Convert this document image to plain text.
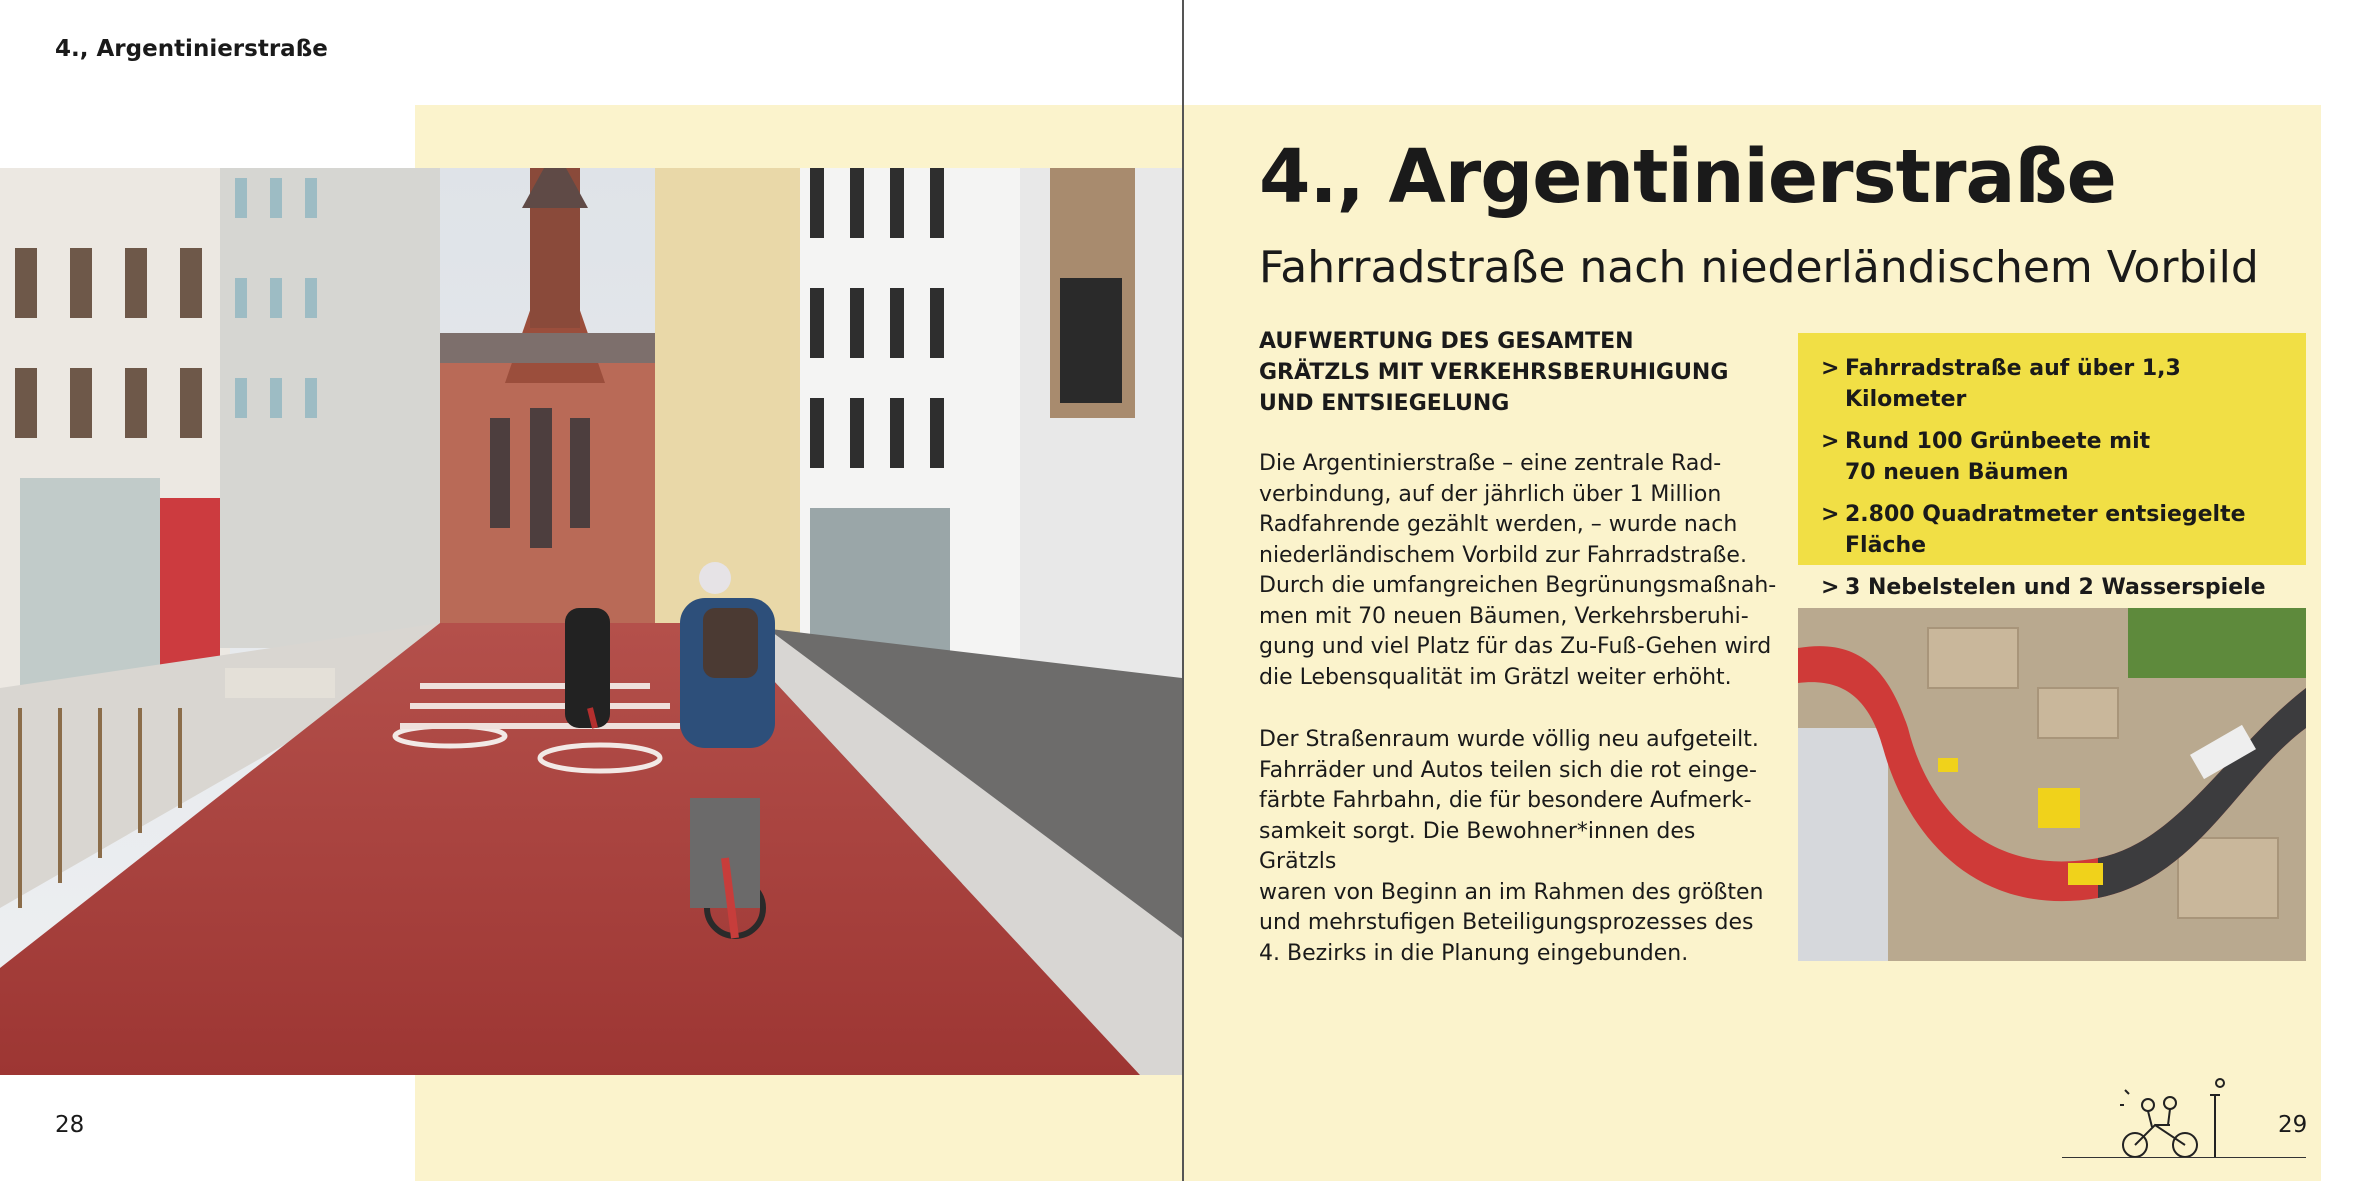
4., Argentinierstraße
28
4., Argentinierstraße
Fahrradstraße nach niederländischem Vorbild
AUFWERTUNG DES GESAMTEN
GRÄTZLS MIT VERKEHRSBERUHIGUNG
UND ENTSIEGELUNG
Die Argentinierstraße – eine zentrale Rad-
verbindung, auf der jährlich über 1 Million
Radfahrende gezählt werden, – wurde nach
niederländischem Vorbild zur Fahrradstraße.
Durch die umfangreichen Begrünungsmaßnah-
men mit 70 neuen Bäumen, Verkehrsberuhi-
gung und viel Platz für das Zu-Fuß-Gehen wird
die Lebensqualität im Grätzl weiter erhöht.
Der Straßenraum wurde völlig neu aufgeteilt.
Fahrräder und Autos teilen sich die rot einge-
färbte Fahrbahn, die für besondere Aufmerk-
samkeit sorgt. Die Bewohner*innen des Grätzls
waren von Beginn an im Rahmen des größten
und mehrstufigen Beteiligungsprozesses des
4. Bezirks in die Planung eingebunden.
> Fahrradstraße auf über 1,3 Kilometer
> Rund 100 Grünbeete mit
70 neuen Bäumen
> 2.800 Quadratmeter entsiegelte Fläche
> 3 Nebelstelen und 2 Wasserspiele
29
